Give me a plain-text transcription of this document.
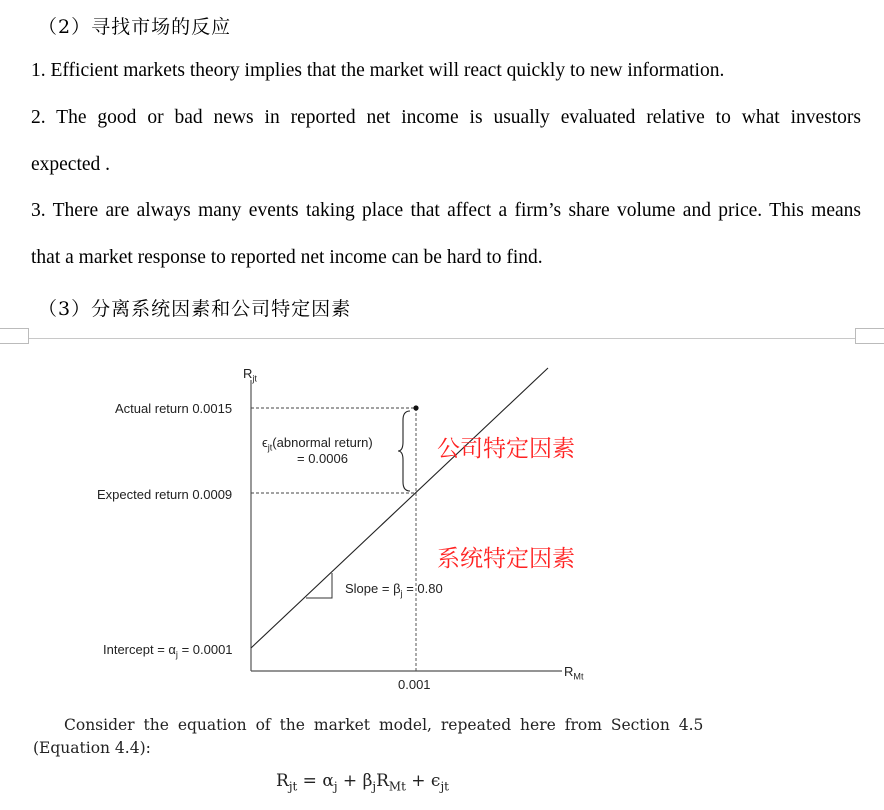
（2）寻找市场的反应
1. Efficient markets theory implies that the market will react quickly to new information.
2. The good or bad news in reported net income is usually evaluated relative to what investors
expected .
3. There are always many events taking place that affect a firm’s share volume and price. This means
that a market response to reported net income can be hard to find.
（3）分离系统因素和公司特定因素
$R_{jt}$
Actual return 0.0015
Expected return 0.0009
Intercept = $\alpha_j = 0.0001$
$\epsilon_{jt}(abnormal$ return)
= 0.0006
Slope = $\beta_j = 0.80$
0.001
$R_{Mt}$
公司特定因素
系统特定因素
Consider the equation of the market model, repeated here from Section 4.5
(Equation 4.4):
$R_{jt} = \alpha_j + \beta_jR_{Mt} + \epsilon_{jt}$
